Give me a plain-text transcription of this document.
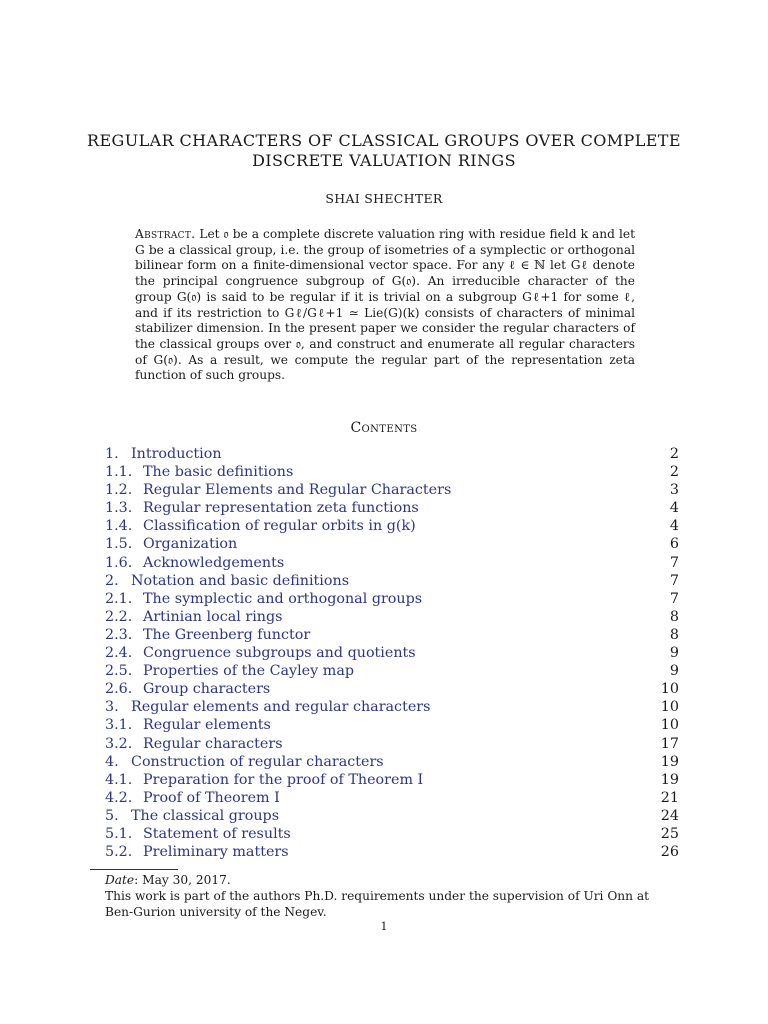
REGULAR CHARACTERS OF CLASSICAL GROUPS OVER COMPLETE
DISCRETE VALUATION RINGS
SHAI SHECHTER
Abstract. Let 𝔬 be a complete discrete valuation ring with residue field k and let G be a classical group, i.e. the group of isometries of a symplectic or orthogonal bilinear form on a finite-dimensional vector space. For any ℓ ∈ ℕ let Gℓ denote the principal congruence subgroup of G(𝔬). An irreducible character of the group G(𝔬) is said to be regular if it is trivial on a subgroup Gℓ+1 for some ℓ, and if its restriction to Gℓ/Gℓ+1 ≃ Lie(G)(k) consists of characters of minimal stabilizer dimension. In the present paper we consider the regular characters of the classical groups over 𝔬, and construct and enumerate all regular characters of G(𝔬). As a result, we compute the regular part of the representation zeta function of such groups.
Contents
1. Introduction	2
1.1. The basic definitions	2
1.2. Regular Elements and Regular Characters	3
1.3. Regular representation zeta functions	4
1.4. Classification of regular orbits in g(k)	4
1.5. Organization	6
1.6. Acknowledgements	7
2. Notation and basic definitions	7
2.1. The symplectic and orthogonal groups	7
2.2. Artinian local rings	8
2.3. The Greenberg functor	8
2.4. Congruence subgroups and quotients	9
2.5. Properties of the Cayley map	9
2.6. Group characters	10
3. Regular elements and regular characters	10
3.1. Regular elements	10
3.2. Regular characters	17
4. Construction of regular characters	19
4.1. Preparation for the proof of Theorem I	19
4.2. Proof of Theorem I	21
5. The classical groups	24
5.1. Statement of results	25
5.2. Preliminary matters	26

Date: May 30, 2017.

This work is part of the authors Ph.D. requirements under the supervision of Uri Onn at Ben-Gurion university of the Negev.

1
